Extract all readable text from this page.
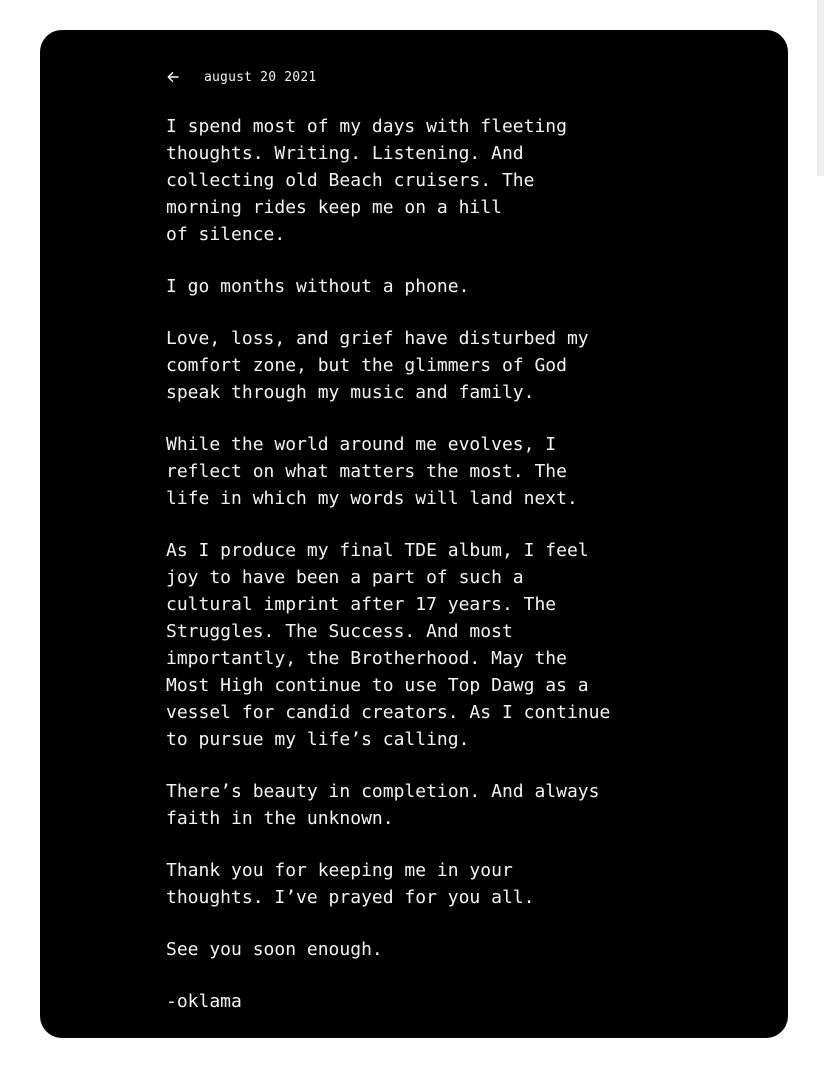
august 20 2021

I spend most of my days with fleeting
thoughts. Writing. Listening. And
collecting old Beach cruisers. The
morning rides keep me on a hill
of silence.

I go months without a phone.

Love, loss, and grief have disturbed my
comfort zone, but the glimmers of God
speak through my music and family.

While the world around me evolves, I
reflect on what matters the most. The
life in which my words will land next.

As I produce my final TDE album, I feel
joy to have been a part of such a
cultural imprint after 17 years. The
Struggles. The Success. And most
importantly, the Brotherhood. May the
Most High continue to use Top Dawg as a
vessel for candid creators. As I continue
to pursue my life’s calling.

There’s beauty in completion. And always
faith in the unknown.

Thank you for keeping me in your
thoughts. I’ve prayed for you all.

See you soon enough.

-oklama
